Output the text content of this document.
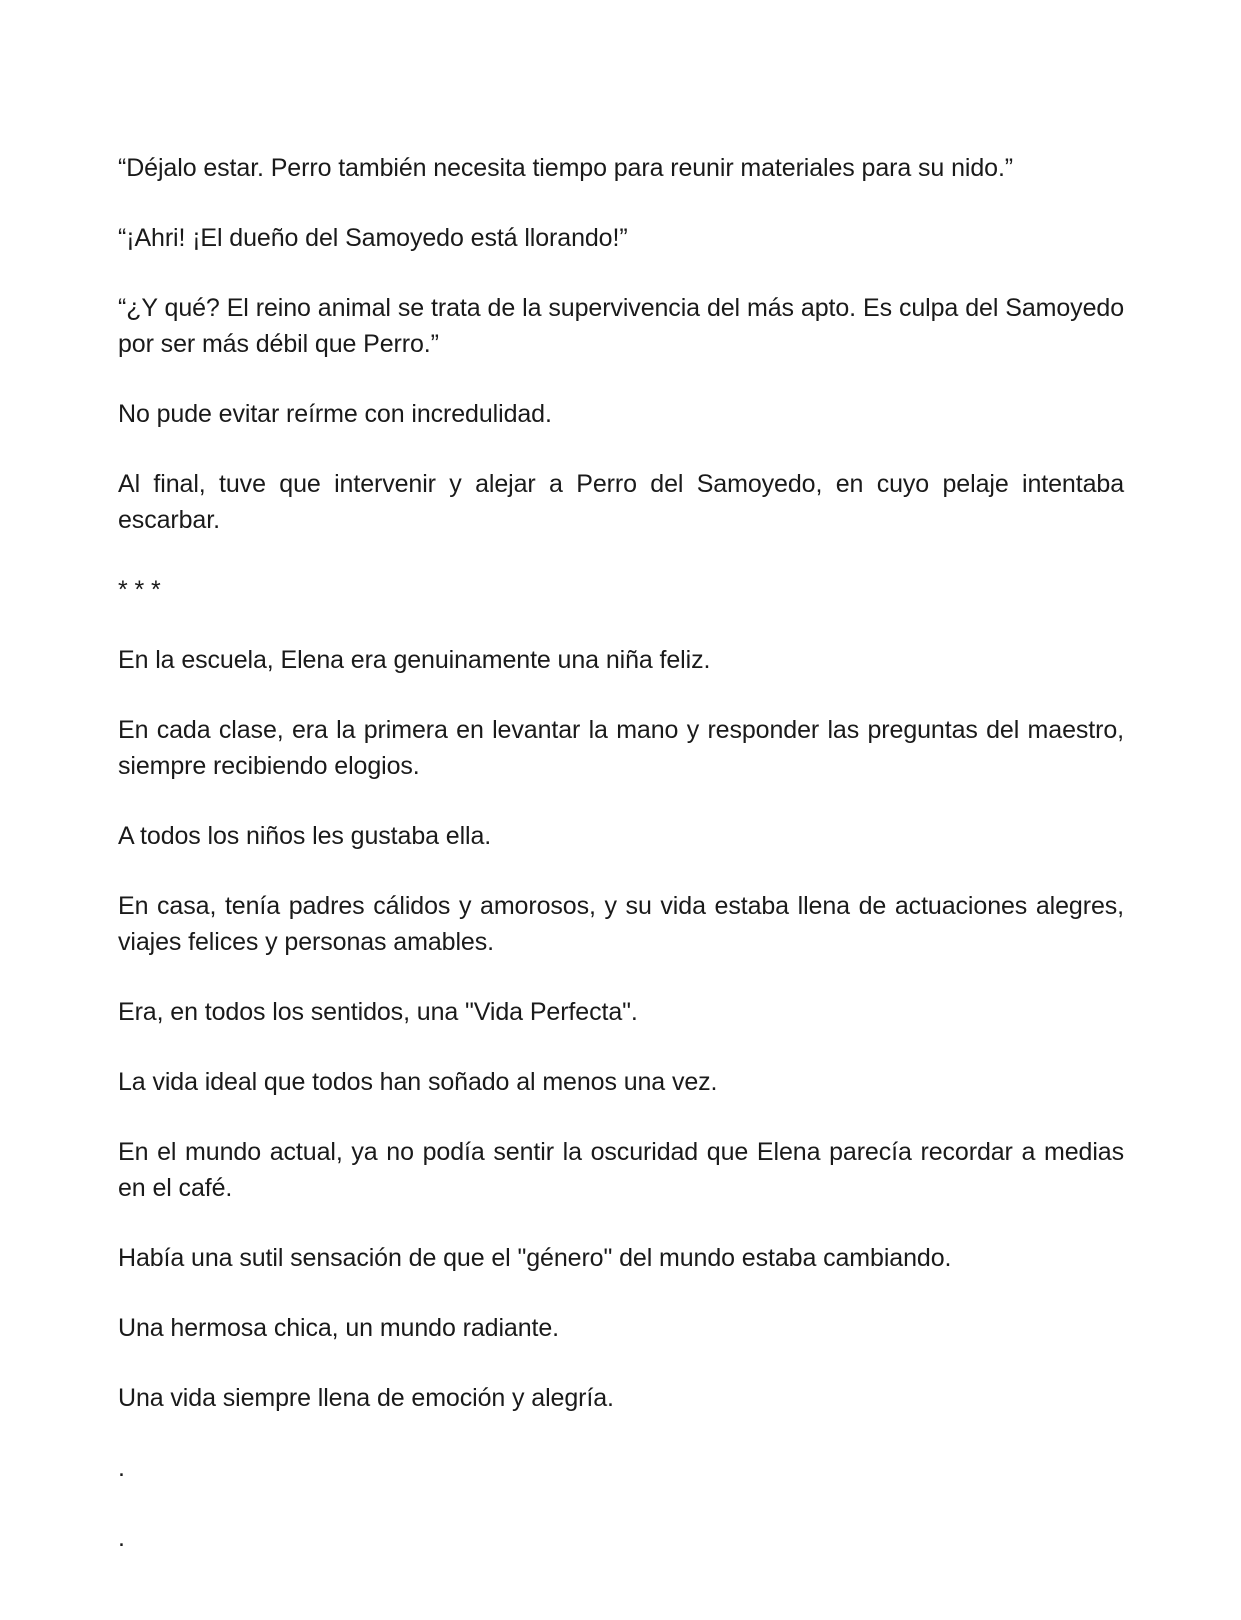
“Déjalo estar. Perro también necesita tiempo para reunir materiales para su nido.”

“¡Ahri! ¡El dueño del Samoyedo está llorando!”

“¿Y qué? El reino animal se trata de la supervivencia del más apto. Es culpa del Samoyedo por ser más débil que Perro.”

No pude evitar reírme con incredulidad.

Al final, tuve que intervenir y alejar a Perro del Samoyedo, en cuyo pelaje intentaba escarbar.

* * *

En la escuela, Elena era genuinamente una niña feliz.

En cada clase, era la primera en levantar la mano y responder las preguntas del maestro, siempre recibiendo elogios.

A todos los niños les gustaba ella.

En casa, tenía padres cálidos y amorosos, y su vida estaba llena de actuaciones alegres, viajes felices y personas amables.

Era, en todos los sentidos, una "Vida Perfecta".

La vida ideal que todos han soñado al menos una vez.

En el mundo actual, ya no podía sentir la oscuridad que Elena parecía recordar a medias en el café.

Había una sutil sensación de que el "género" del mundo estaba cambiando.

Una hermosa chica, un mundo radiante.

Una vida siempre llena de emoción y alegría.

.

.
